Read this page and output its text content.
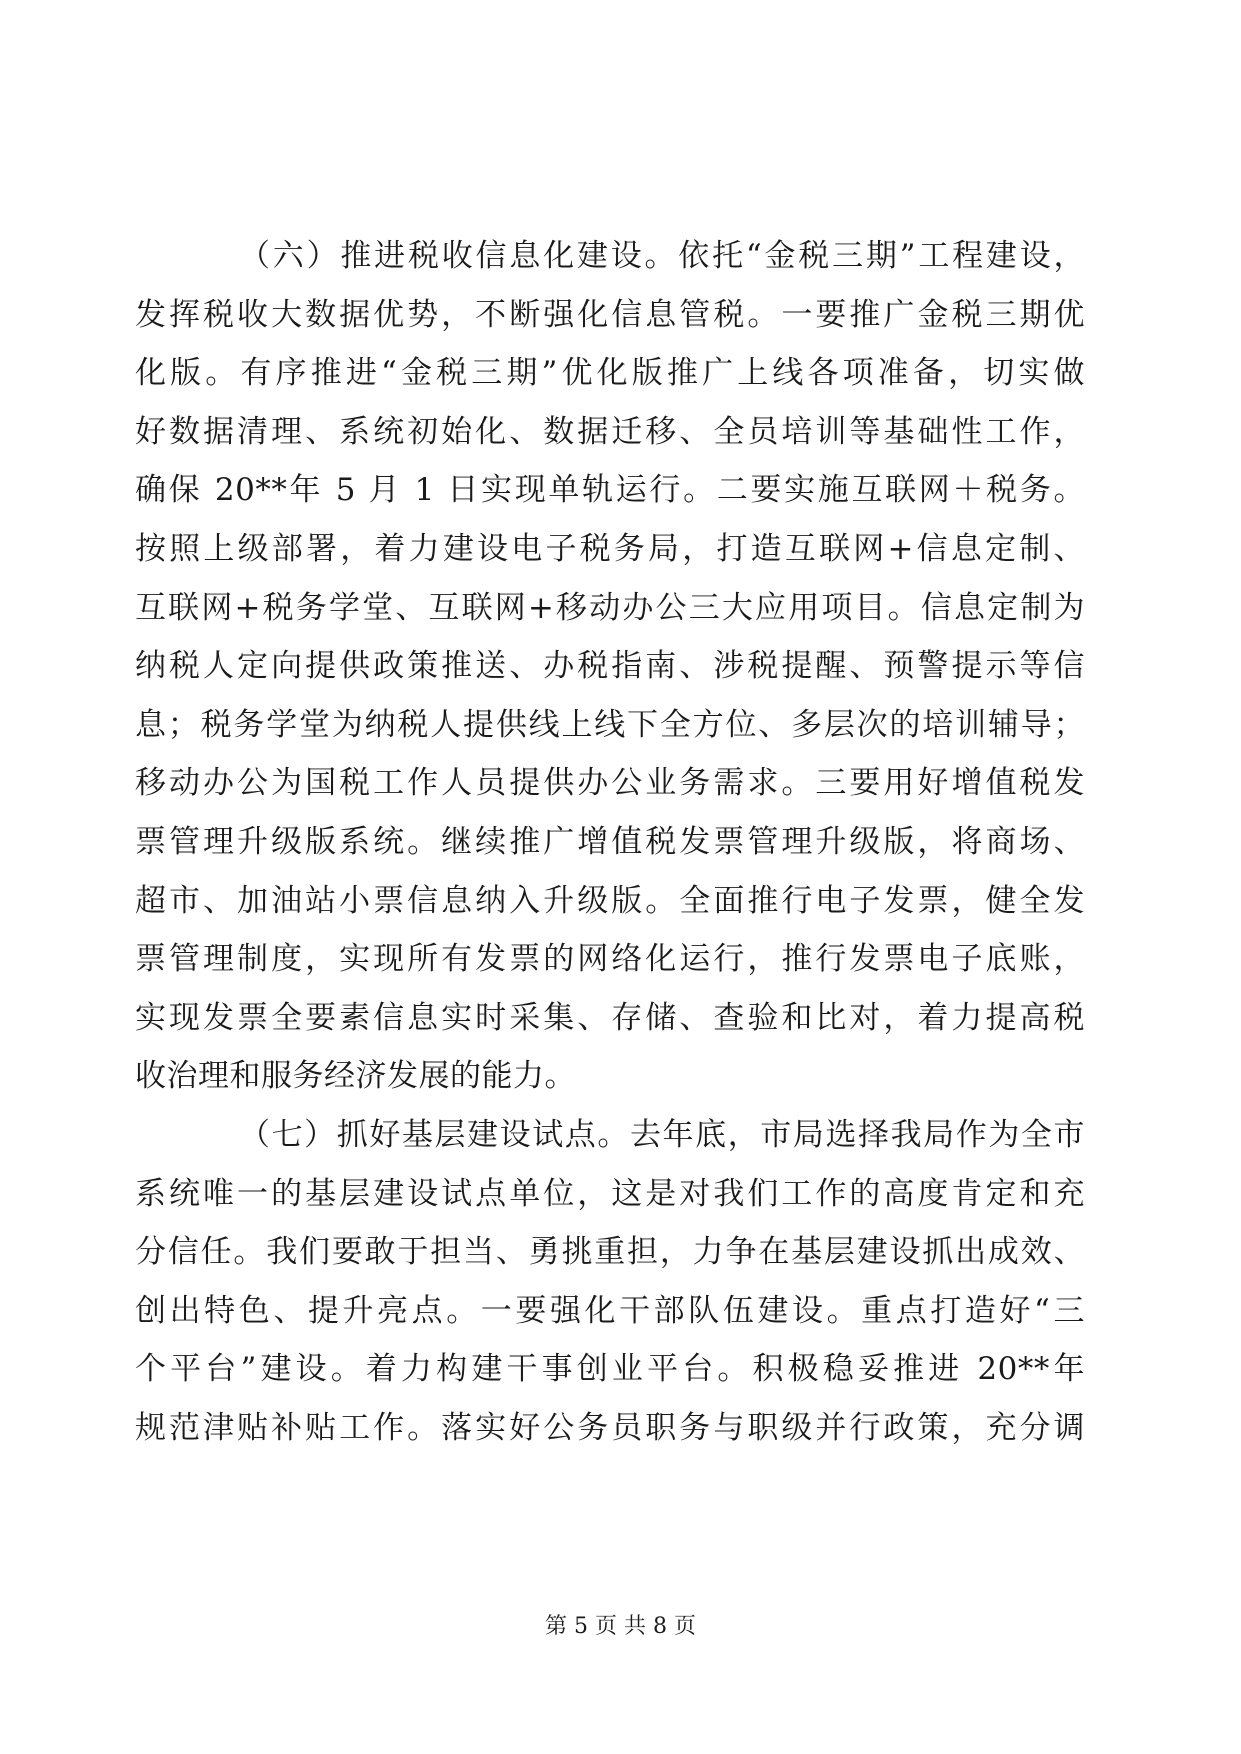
（六）推进税收信息化建设。依托“金税三期”工程建设，
发挥税收大数据优势，不断强化信息管税。一要推广金税三期优
化版。有序推进“金税三期”优化版推广上线各项准备，切实做
好数据清理、系统初始化、数据迁移、全员培训等基础性工作，
确保 20**年 5 月 1 日实现单轨运行。二要实施互联网＋税务。
按照上级部署，着力建设电子税务局，打造互联网+信息定制、
互联网+税务学堂、互联网+移动办公三大应用项目。信息定制为
纳税人定向提供政策推送、办税指南、涉税提醒、预警提示等信
息；税务学堂为纳税人提供线上线下全方位、多层次的培训辅导；
移动办公为国税工作人员提供办公业务需求。三要用好增值税发
票管理升级版系统。继续推广增值税发票管理升级版，将商场、
超市、加油站小票信息纳入升级版。全面推行电子发票，健全发
票管理制度，实现所有发票的网络化运行，推行发票电子底账，
实现发票全要素信息实时采集、存储、查验和比对，着力提高税
收治理和服务经济发展的能力。
（七）抓好基层建设试点。去年底，市局选择我局作为全市
系统唯一的基层建设试点单位，这是对我们工作的高度肯定和充
分信任。我们要敢于担当、勇挑重担，力争在基层建设抓出成效、
创出特色、提升亮点。一要强化干部队伍建设。重点打造好“三
个平台”建设。着力构建干事创业平台。积极稳妥推进 20**年
规范津贴补贴工作。落实好公务员职务与职级并行政策，充分调
第 5 页 共 8 页
